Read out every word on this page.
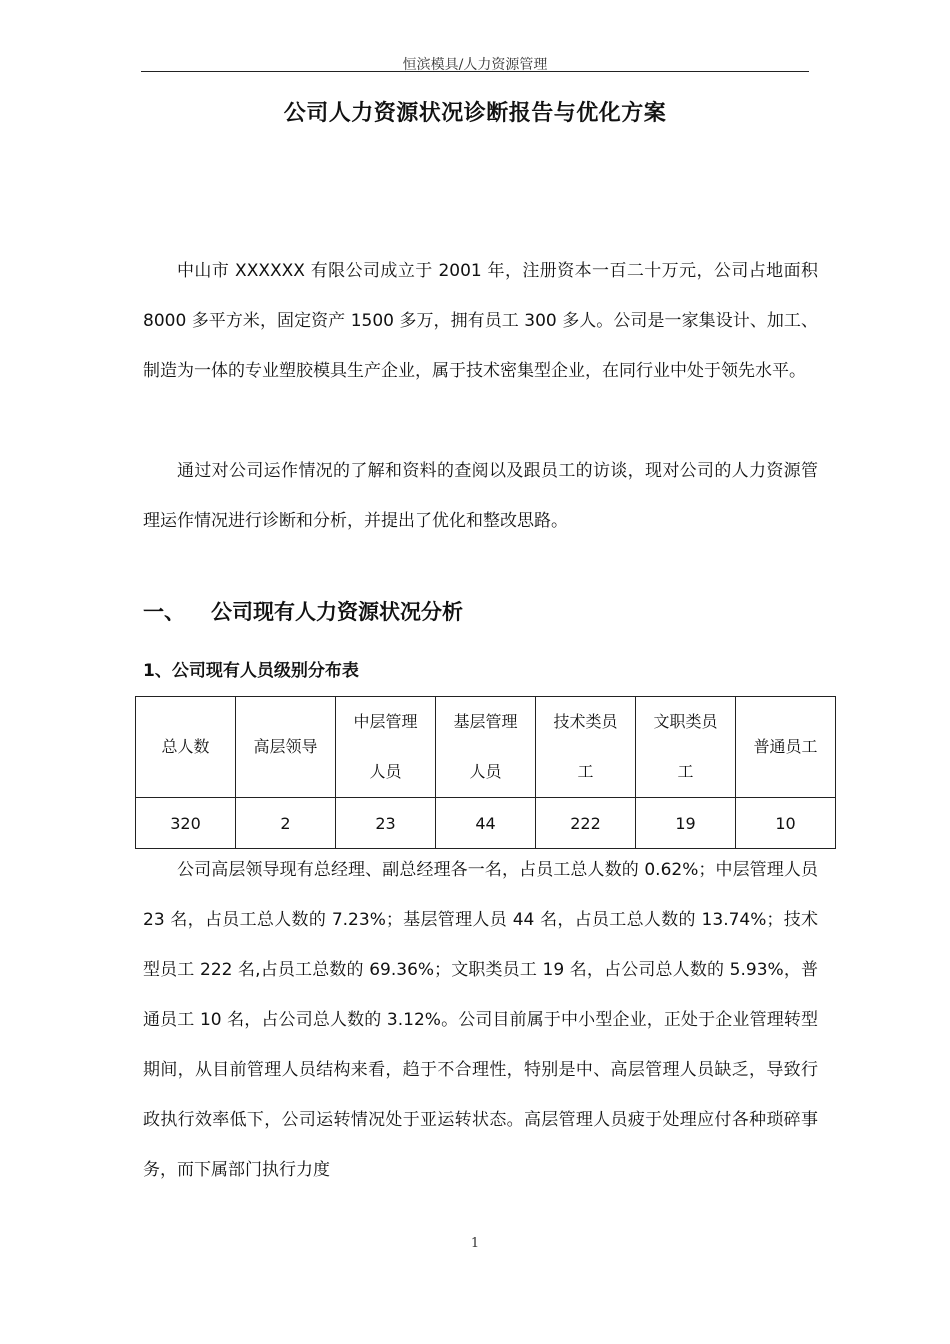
恒滨模具/人力资源管理
公司人力资源状况诊断报告与优化方案
中山市 XXXXXX 有限公司成立于 2001 年，注册资本一百二十万元，公司占地面积 8000 多平方米，固定资产 1500 多万，拥有员工 300 多人。公司是一家集设计、加工、制造为一体的专业塑胶模具生产企业，属于技术密集型企业，在同行业中处于领先水平。
通过对公司运作情况的了解和资料的查阅以及跟员工的访谈，现对公司的人力资源管理运作情况进行诊断和分析，并提出了优化和整改思路。
一、 公司现有人力资源状况分析
1、公司现有人员级别分布表
总人数	高层领导	中层管理人员	基层管理人员	技术类员工	文职类员工	普通员工
320	2	23	44	222	19	10
公司高层领导现有总经理、副总经理各一名，占员工总人数的 0.62%；中层管理人员 23 名，占员工总人数的 7.23%；基层管理人员 44 名，占员工总人数的 13.74%；技术型员工 222 名,占员工总数的 69.36%；文职类员工 19 名，占公司总人数的 5.93%，普通员工 10 名，占公司总人数的 3.12%。公司目前属于中小型企业，正处于企业管理转型期间，从目前管理人员结构来看，趋于不合理性，特别是中、高层管理人员缺乏，导致行政执行效率低下，公司运转情况处于亚运转状态。高层管理人员疲于处理应付各种琐碎事务，而下属部门执行力度
1
